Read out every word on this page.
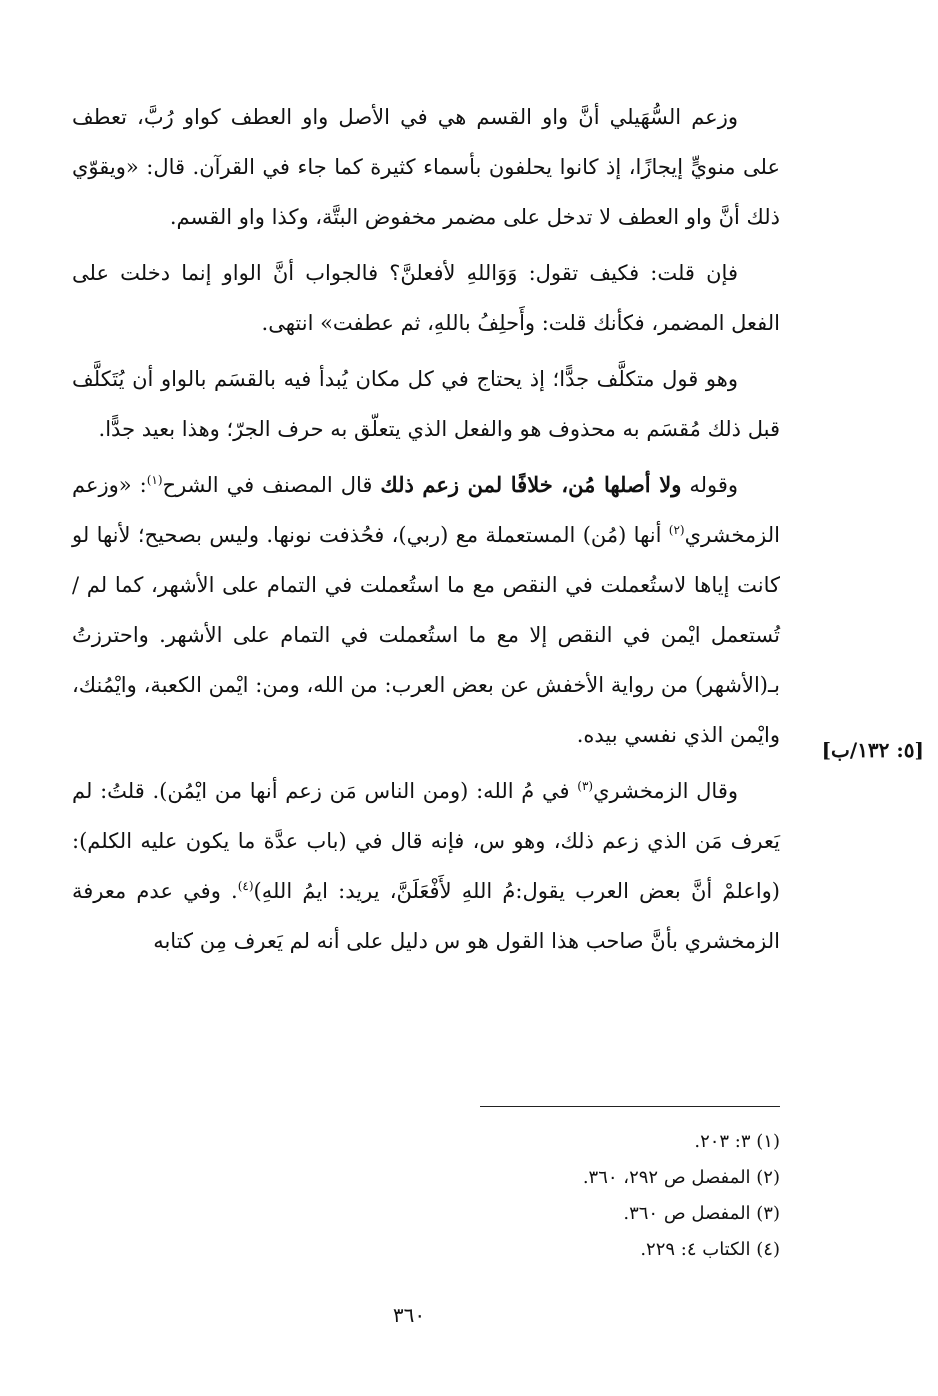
وزعم السُّهَيلي أنَّ واو القسم هي في الأصل واو العطف كواو رُبَّ، تعطف على منويٍّ إيجازًا، إذ كانوا يحلفون بأسماء كثيرة كما جاء في القرآن. قال: «ويقوّي ذلك أنَّ واو العطف لا تدخل على مضمر مخفوض البتَّة، وكذا واو القسم.

فإن قلت: فكيف تقول: وَوَاللهِ لأفعلنَّ؟ فالجواب أنَّ الواو إنما دخلت على الفعل المضمر، فكأنك قلت: وأَحلِفُ باللهِ، ثم عطفت» انتهى.

وهو قول متكلَّف جدًّا؛ إذ يحتاج في كل مكان يُبدأ فيه بالقسَم بالواو أن يُتَكلَّف قبل ذلك مُقسَم به محذوف هو والفعل الذي يتعلّق به حرف الجرّ؛ وهذا بعيد جدًّا.

وقوله ولا أصلها مُن، خلافًا لمن زعم ذلك قال المصنف في الشرح$^{(١)}$: «وزعم الزمخشري$^{(٢)}$ أنها (مُن) المستعملة مع (ربي)، فحُذفت نونها. وليس بصحيح؛ لأنها لو كانت إياها لاستُعملت في النقص مع ما استُعملت في التمام على الأشهر، كما لم /تُستعمل ايْمن في النقص إلا مع ما استُعملت في التمام على الأشهر. واحترزتُ بـ(الأشهر) من رواية الأخفش عن بعض العرب: من الله، ومن: ايْمن الكعبة، وايْمُنك، وايْمن الذي نفسي بيده.

وقال الزمخشري$^{(٣)}$ في مُ الله: (ومن الناس مَن زعم أنها من ايْمُن). قلتُ: لم يَعرف مَن الذي زعم ذلك، وهو س، فإنه قال في (باب عدَّة ما يكون عليه الكلم): (واعلمْ أنَّ بعض العرب يقول:مُ اللهِ لأَفْعَلَنَّ، يريد: ايمُ اللهِ)$^{(٤)}$. وفي عدم معرفة الزمخشري بأنَّ صاحب هذا القول هو س دليل على أنه لم يَعرف مِن كتابه

[٥: ١٣٢/ب]
(١) ٣: ٢٠٣.
(٢) المفصل ص ٢٩٢، ٣٦٠.
(٣) المفصل ص ٣٦٠.
(٤) الكتاب ٤: ٢٢٩.
٣٦٠
